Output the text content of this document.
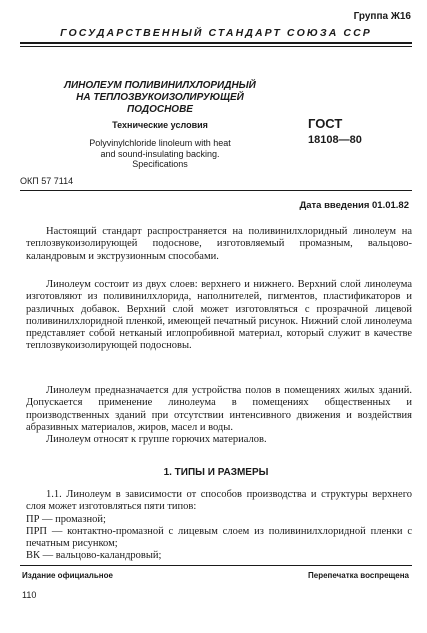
Группа Ж16
ГОСУДАРСТВЕННЫЙ СТАНДАРТ СОЮЗА ССР
ЛИНОЛЕУМ ПОЛИВИНИЛХЛОРИДНЫЙ
НА ТЕПЛОЗВУКОИЗОЛИРУЮЩЕЙ
ПОДОСНОВЕ
Технические условия
Polyvinylchloride linoleum with heat
and sound-insulating backing.
Specifications
ГОСТ
18108—80
ОКП 57 7114
Дата введения 01.01.82

Настоящий стандарт распространяется на поливинилхлоридный линолеум на теплозвукоизолирующей подоснове, изготовляемый промазным, вальцово-каландровым и экструзионным способами.

Линолеум состоит из двух слоев: верхнего и нижнего. Верхний слой линолеума изготовляют из поливинилхлорида, наполнителей, пигментов, пластификаторов и различных добавок. Верхний слой может изготовляться с прозрачной лицевой поливинилхлоридной пленкой, имеющей печатный рисунок. Нижний слой линолеума представляет собой нетканый иглопробивной материал, который служит в качестве теплозвукоизолирующей подосновы.

Линолеум предназначается для устройства полов в помещениях жилых зданий. Допускается применение линолеума в помещениях общественных и производственных зданий при отсутствии интенсивного движения и воздействия абразивных материалов, жиров, масел и воды.

Линолеум относят к группе горючих материалов.

1. ТИПЫ И РАЗМЕРЫ

1.1. Линолеум в зависимости от способов производства и структуры верхнего слоя может изготовляться пяти типов:

ПР — промазной;

ПРП — контактно-промазной с лицевым слоем из поливинилхлоридной пленки с печатным рисунком;

ВК — вальцово-каландровый;

Издание официальное	Перепечатка воспрещена
110
